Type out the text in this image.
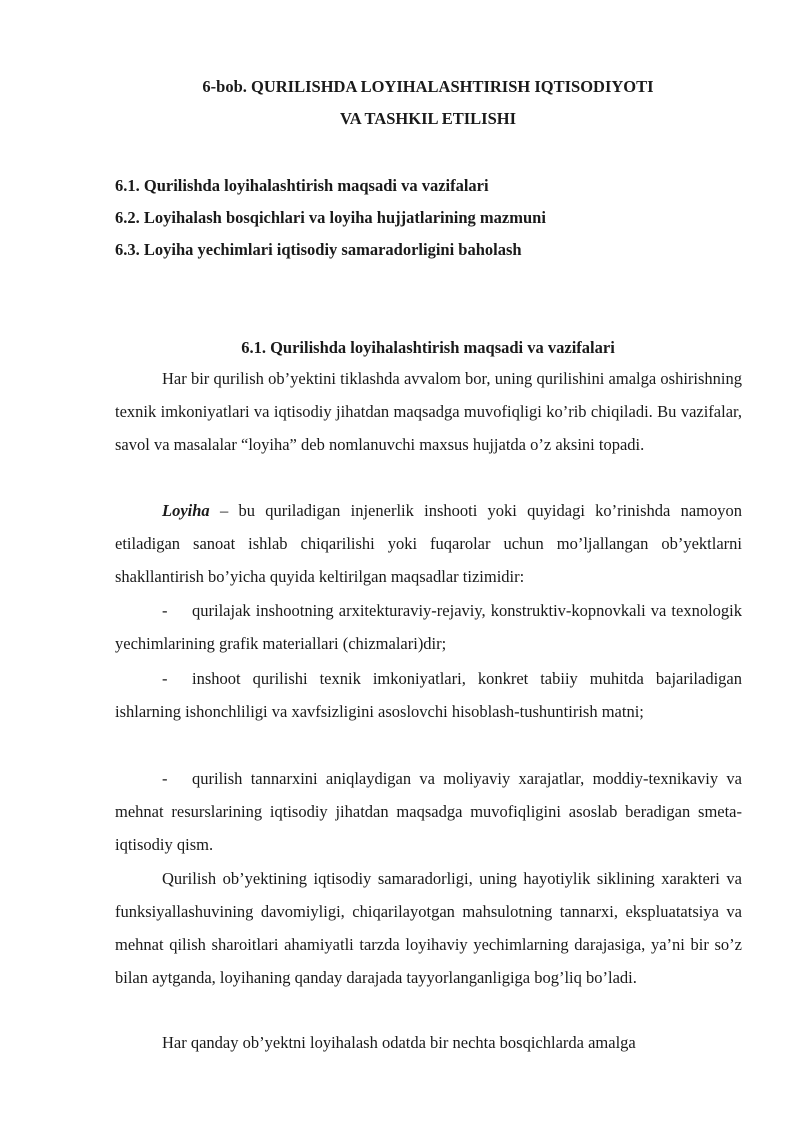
6-bob. QURILISHDA LOYIHALASHTIRISH IQTISODIYOTI
VA TASHKIL ETILISHI
6.1. Qurilishda loyihalashtirish maqsadi va vazifalari
6.2. Loyihalash bosqichlari va loyiha hujjatlarining mazmuni
6.3. Loyiha yechimlari iqtisodiy samaradorligini baholash
6.1. Qurilishda loyihalashtirish maqsadi va vazifalari

Har bir qurilish ob’yektini tiklashda avvalom bor, uning qurilishini amalga oshirishning texnik imkoniyatlari va iqtisodiy jihatdan maqsadga muvofiqligi ko’rib chiqiladi. Bu vazifalar, savol va masalalar “loyiha” deb nomlanuvchi maxsus hujjatda o’z aksini topadi.

Loyiha – bu quriladigan injenerlik inshooti yoki quyidagi ko’rinishda namoyon etiladigan sanoat ishlab chiqarilishi yoki fuqarolar uchun mo’ljallangan ob’yektlarni shakllantirish bo’yicha quyida keltirilgan maqsadlar tizimidir:

- qurilajak inshootning arxitekturaviy-rejaviy, konstruktiv-kopnovkali va texnologik yechimlarining grafik materiallari (chizmalari)dir;

- inshoot qurilishi texnik imkoniyatlari, konkret tabiiy muhitda bajariladigan ishlarning ishonchliligi va xavfsizligini asoslovchi hisoblash-tushuntirish matni;

- qurilish tannarxini aniqlaydigan va moliyaviy xarajatlar, moddiy-texnikaviy va mehnat resurslarining iqtisodiy jihatdan maqsadga muvofiqligini asoslab beradigan smeta-iqtisodiy qism.

Qurilish ob’yektining iqtisodiy samaradorligi, uning hayotiylik siklining xarakteri va funksiyallashuvining davomiyligi, chiqarilayotgan mahsulotning tannarxi, ekspluatatsiya va mehnat qilish sharoitlari ahamiyatli tarzda loyihaviy yechimlarning darajasiga, ya’ni bir so’z bilan aytganda, loyihaning qanday darajada tayyorlanganligiga bog’liq bo’ladi.

Har qanday ob’yektni loyihalash odatda bir nechta bosqichlarda amalga
